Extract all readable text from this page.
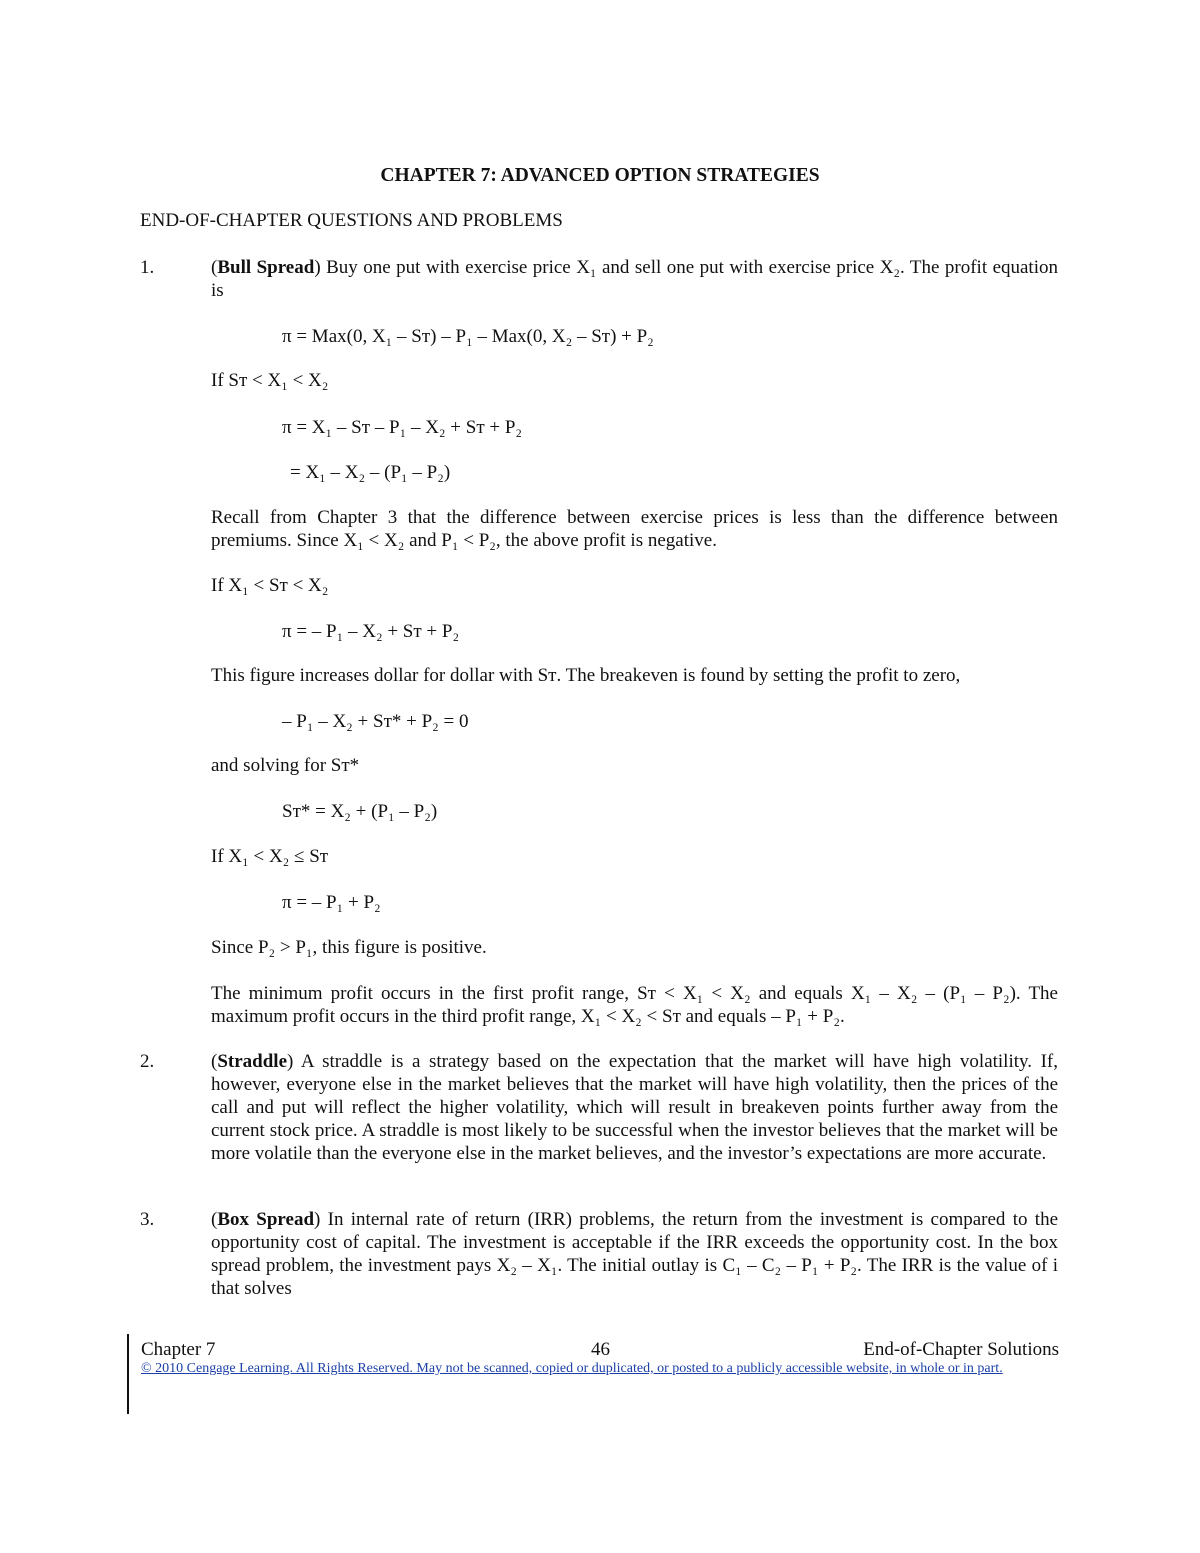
CHAPTER 7: ADVANCED OPTION STRATEGIES
END-OF-CHAPTER QUESTIONS AND PROBLEMS
1.	(Bull Spread) Buy one put with exercise price X₁ and sell one put with exercise price X₂. The profit equation is
π = Max(0, X₁ – Sᴛ) – P₁ – Max(0, X₂ – Sᴛ) + P₂
If Sᴛ < X₁ < X₂
π = X₁ – Sᴛ – P₁ – X₂ + Sᴛ + P₂
= X₁ – X₂ – (P₁ – P₂)
Recall from Chapter 3 that the difference between exercise prices is less than the difference between premiums. Since X₁ < X₂ and P₁ < P₂, the above profit is negative.
If X₁ < Sᴛ < X₂
π = – P₁ – X₂ + Sᴛ + P₂
This figure increases dollar for dollar with Sᴛ. The breakeven is found by setting the profit to zero,
– P₁ – X₂ + Sᴛ* + P₂ = 0
and solving for Sᴛ*
Sᴛ* = X₂ + (P₁ – P₂)
If X₁ < X₂ ≤ Sᴛ
π = – P₁ + P₂
Since P₂ > P₁, this figure is positive.
The minimum profit occurs in the first profit range, Sᴛ < X₁ < X₂ and equals X₁ – X₂ – (P₁ – P₂). The maximum profit occurs in the third profit range, X₁ < X₂ < Sᴛ and equals – P₁ + P₂.
2.	(Straddle) A straddle is a strategy based on the expectation that the market will have high volatility. If, however, everyone else in the market believes that the market will have high volatility, then the prices of the call and put will reflect the higher volatility, which will result in breakeven points further away from the current stock price. A straddle is most likely to be successful when the investor believes that the market will be more volatile than the everyone else in the market believes, and the investor’s expectations are more accurate.
3.	(Box Spread) In internal rate of return (IRR) problems, the return from the investment is compared to the opportunity cost of capital. The investment is acceptable if the IRR exceeds the opportunity cost. In the box spread problem, the investment pays X₂ – X₁. The initial outlay is C₁ – C₂ – P₁ + P₂. The IRR is the value of i that solves
Chapter 7	46	End-of-Chapter Solutions
© 2010 Cengage Learning. All Rights Reserved. May not be scanned, copied or duplicated, or posted to a publicly accessible website, in whole or in part.
